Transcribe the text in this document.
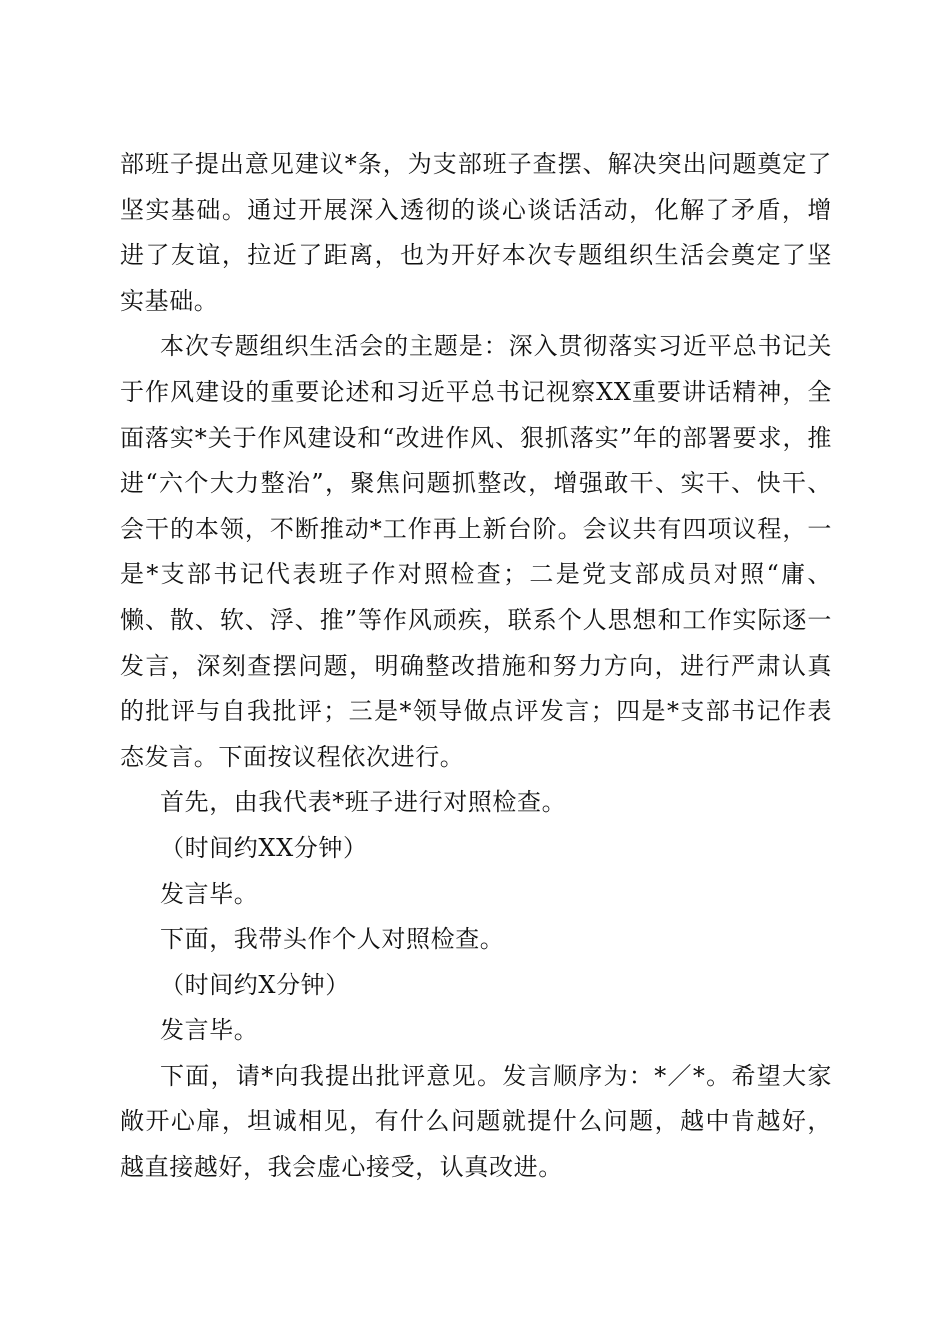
部班子提出意见建议*条，为支部班子查摆、解决突出问题奠定了坚实基础。通过开展深入透彻的谈心谈话活动，化解了矛盾，增进了友谊，拉近了距离，也为开好本次专题组织生活会奠定了坚实基础。

本次专题组织生活会的主题是：深入贯彻落实习近平总书记关于作风建设的重要论述和习近平总书记视察XX重要讲话精神，全面落实*关于作风建设和“改进作风、狠抓落实”年的部署要求，推进“六个大力整治”，聚焦问题抓整改，增强敢干、实干、快干、会干的本领，不断推动*工作再上新台阶。会议共有四项议程，一是*支部书记代表班子作对照检查；二是党支部成员对照“庸、懒、散、软、浮、推”等作风顽疾，联系个人思想和工作实际逐一发言，深刻查摆问题，明确整改措施和努力方向，进行严肃认真的批评与自我批评；三是*领导做点评发言；四是*支部书记作表态发言。下面按议程依次进行。

首先，由我代表*班子进行对照检查。

（时间约XX分钟）

发言毕。

下面，我带头作个人对照检查。

（时间约X分钟）

发言毕。

下面，请*向我提出批评意见。发言顺序为：*／*。希望大家敞开心扉，坦诚相见，有什么问题就提什么问题，越中肯越好，越直接越好，我会虚心接受，认真改进。
